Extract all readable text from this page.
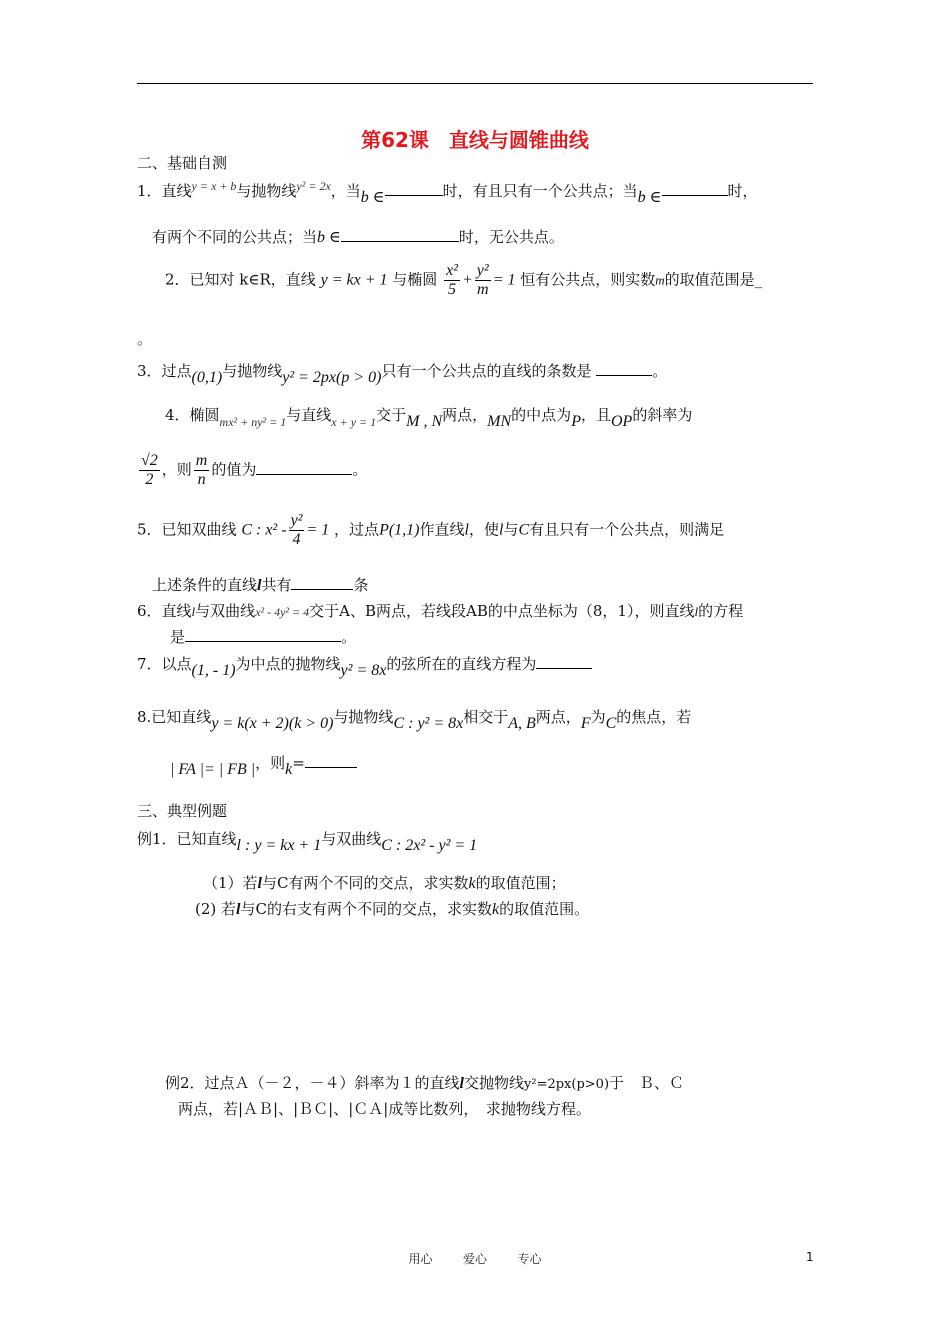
第62课　直线与圆锥曲线
二、基础自测
1．直线$^{y = x + b}$与抛物线$^{y^2 = 2x}$，当b ∈	时，有且只有一个公共点；当b ∈	时，
有两个不同的公共点；当b ∈	时，无公共点。
2．已知对 k∈R，直线 y = kx + 1 与椭圆 $\frac{\text{x²}}{5} + \frac{\text{y²}}{m} = 1$ 恒有公共点，则实数m的取值范围是_
。
3．过点(0,1)与抛物线y² = 2px(p > 0)只有一个公共点的直线的条数是	。
4．椭圆$_{mx^2 + ny^2 = 1}$与直线$_{x + y = 1}$交于M , N两点，MN的中点为P，且OP的斜率为
$\frac{√2}{2}$ ，则 $\frac{m}{n}$ 的值为	。
5．已知双曲线 C : $x^2 - \frac{\text{y²}}{4} = 1$ ，过点P(1,1)作直线l，使l与C有且只有一个公共点，则满足
上述条件的直线l共有	条
6．直线l与双曲线x² - 4y² = 4交于A、B两点，若线段AB的中点坐标为（8，1），则直线l的方程
是	。
7．以点(1, - 1)为中点的抛物线y² = 8x的弦所在的直线方程为
8.已知直线y = k(x + 2)(k > 0)与抛物线C : y² = 8x相交于A, B两点，F为C的焦点，若
| FA |= | FB |，则k=
三、典型例题
例1．已知直线l : y = kx + 1与双曲线C : 2x² - y² = 1
（1）若l与C有两个不同的交点，求实数k的取值范围；
(2) 若l与C的右支有两个不同的交点，求实数k的取值范围。
例2．过点Ａ（－２，－４）斜率为１的直线l交抛物线y²=2px(p>0)于　Ｂ、Ｃ
两点，若|ＡＢ|、|ＢＣ|、|ＣＡ|成等比数列，　求抛物线方程。
用心	爱心	专心	1
